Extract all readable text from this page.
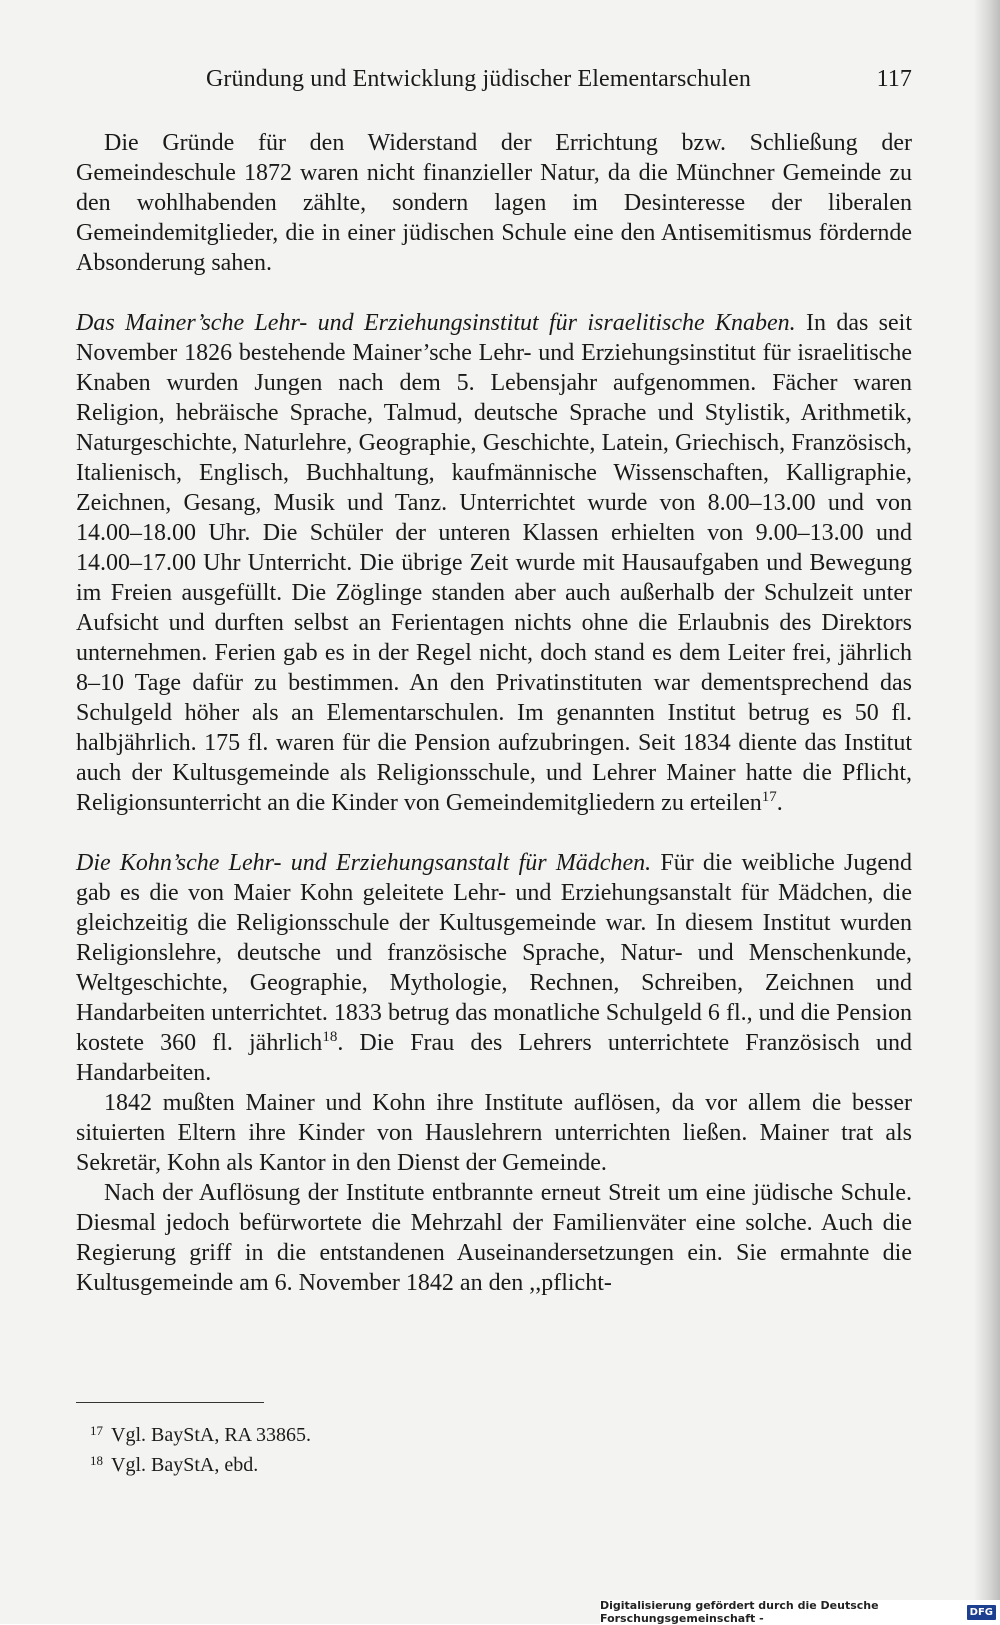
Gründung und Entwicklung jüdischer Elementarschulen	117

Die Gründe für den Widerstand der Errichtung bzw. Schließung der Gemeindeschule 1872 waren nicht finanzieller Natur, da die Münchner Gemeinde zu den wohlhabenden zählte, sondern lagen im Desinteresse der liberalen Gemeindemitglieder, die in einer jüdischen Schule eine den Antisemitismus fördernde Absonderung sahen.

Das Mainer’sche Lehr- und Erziehungsinstitut für israelitische Knaben. In das seit November 1826 bestehende Mainer’sche Lehr- und Erziehungsinstitut für israelitische Knaben wurden Jungen nach dem 5. Lebensjahr aufgenommen. Fächer waren Religion, hebräische Sprache, Talmud, deutsche Sprache und Stylistik, Arithmetik, Naturgeschichte, Naturlehre, Geographie, Geschichte, Latein, Griechisch, Französisch, Italienisch, Englisch, Buchhaltung, kaufmännische Wissenschaften, Kalligraphie, Zeichnen, Gesang, Musik und Tanz. Unterrichtet wurde von 8.00–13.00 und von 14.00–18.00 Uhr. Die Schüler der unteren Klassen erhielten von 9.00–13.00 und 14.00–17.00 Uhr Unterricht. Die übrige Zeit wurde mit Hausaufgaben und Bewegung im Freien ausgefüllt. Die Zöglinge standen aber auch außerhalb der Schulzeit unter Aufsicht und durften selbst an Ferientagen nichts ohne die Erlaubnis des Direktors unternehmen. Ferien gab es in der Regel nicht, doch stand es dem Leiter frei, jährlich 8–10 Tage dafür zu bestimmen. An den Privatinstituten war dementsprechend das Schulgeld höher als an Elementarschulen. Im genannten Institut betrug es 50 fl. halbjährlich. 175 fl. waren für die Pension aufzubringen. Seit 1834 diente das Institut auch der Kultusgemeinde als Religionsschule, und Lehrer Mainer hatte die Pflicht, Religionsunterricht an die Kinder von Gemeindemitgliedern zu erteilen$^{17}$.

Die Kohn’sche Lehr- und Erziehungsanstalt für Mädchen. Für die weibliche Jugend gab es die von Maier Kohn geleitete Lehr- und Erziehungsanstalt für Mädchen, die gleichzeitig die Religionsschule der Kultusgemeinde war. In diesem Institut wurden Religionslehre, deutsche und französische Sprache, Natur- und Menschenkunde, Weltgeschichte, Geographie, Mythologie, Rechnen, Schreiben, Zeichnen und Handarbeiten unterrichtet. 1833 betrug das monatliche Schulgeld 6 fl., und die Pension kostete 360 fl. jährlich$^{18}$. Die Frau des Lehrers unterrichtete Französisch und Handarbeiten.

1842 mußten Mainer und Kohn ihre Institute auflösen, da vor allem die besser situierten Eltern ihre Kinder von Hauslehrern unterrichten ließen. Mainer trat als Sekretär, Kohn als Kantor in den Dienst der Gemeinde.

Nach der Auflösung der Institute entbrannte erneut Streit um eine jüdische Schule. Diesmal jedoch befürwortete die Mehrzahl der Familienväter eine solche. Auch die Regierung griff in die entstandenen Auseinandersetzungen ein. Sie ermahnte die Kultusgemeinde am 6. November 1842 an den ,,pflicht-

$^{17}$ Vgl. BayStA, RA 33865.

$^{18}$ Vgl. BayStA, ebd.

Digitalisierung gefördert durch die Deutsche Forschungsgemeinschaft -	DFG
